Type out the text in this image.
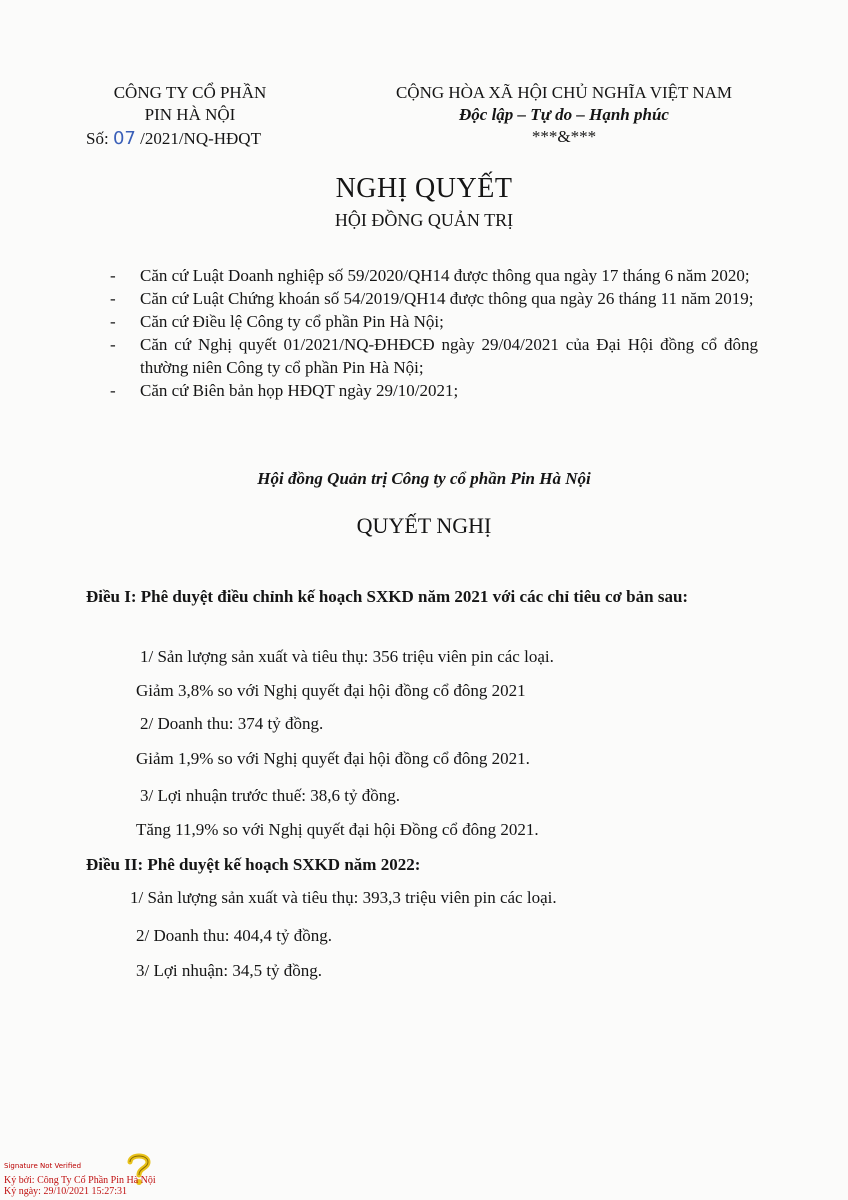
CÔNG TY CỔ PHẦN
PIN HÀ NỘI
Số: 07 /2021/NQ-HĐQT
CỘNG HÒA XÃ HỘI CHỦ NGHĨA VIỆT NAM
Độc lập – Tự do – Hạnh phúc
***&***
NGHỊ QUYẾT
HỘI ĐỒNG QUẢN TRỊ
- Căn cứ Luật Doanh nghiệp số 59/2020/QH14 được thông qua ngày 17 tháng 6 năm 2020;
- Căn cứ Luật Chứng khoán số 54/2019/QH14 được thông qua ngày 26 tháng 11 năm 2019;
- Căn cứ Điều lệ Công ty cổ phần Pin Hà Nội;
- Căn cứ Nghị quyết 01/2021/NQ-ĐHĐCĐ ngày 29/04/2021 của Đại Hội đồng cổ đông thường niên Công ty cổ phần Pin Hà Nội;
- Căn cứ Biên bản họp HĐQT ngày 29/10/2021;
Hội đồng Quản trị Công ty cổ phần Pin Hà Nội
QUYẾT NGHỊ
Điều I: Phê duyệt điều chỉnh kế hoạch SXKD năm 2021 với các chỉ tiêu cơ bản sau:
1/ Sản lượng sản xuất và tiêu thụ: 356 triệu viên pin các loại.
Giảm 3,8% so với Nghị quyết đại hội đồng cổ đông 2021
2/ Doanh thu: 374 tỷ đồng.
Giảm 1,9% so với Nghị quyết đại hội đồng cổ đông 2021.
3/ Lợi nhuận trước thuế: 38,6 tỷ đồng.
Tăng 11,9% so với Nghị quyết đại hội Đồng cổ đông 2021.
Điều II: Phê duyệt kế hoạch SXKD năm 2022:
1/ Sản lượng sản xuất và tiêu thụ: 393,3 triệu viên pin các loại.
2/ Doanh thu: 404,4 tỷ đồng.
3/ Lợi nhuận: 34,5 tỷ đồng.
Signature Not Verified
Ký bởi: Công Ty Cổ Phần Pin Hà Nội
Ký ngày: 29/10/2021 15:27:31
